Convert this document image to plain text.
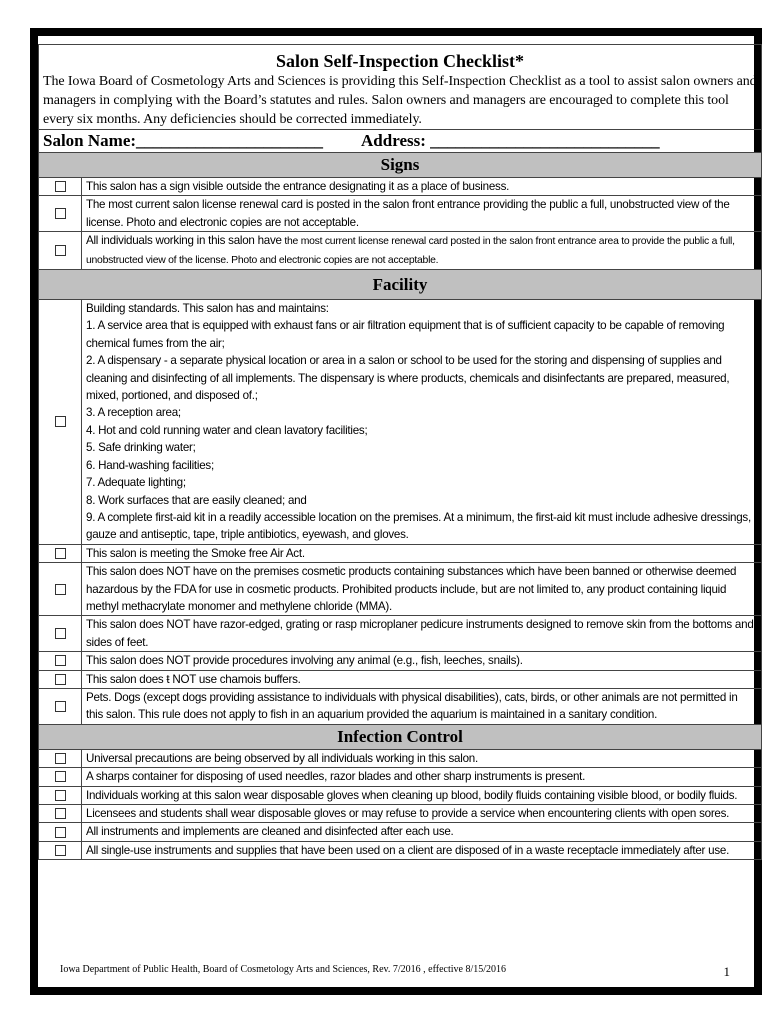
Salon Self-Inspection Checklist*
The Iowa Board of Cosmetology Arts and Sciences is providing this Self-Inspection Checklist as a tool to assist salon owners and managers in complying with the Board’s statutes and rules. Salon owners and managers are encouraged to complete this tool every six months. Any deficiencies should be corrected immediately.
Salon Name:______________________ Address: ___________________________
Signs
This salon has a sign visible outside the entrance designating it as a place of business.
The most current salon license renewal card is posted in the salon front entrance providing the public a full, unobstructed view of the license. Photo and electronic copies are not acceptable.
All individuals working in this salon have the most current license renewal card posted in the salon front entrance area to provide the public a full, unobstructed view of the license. Photo and electronic copies are not acceptable.
Facility
Building standards. This salon has and maintains:
1. A service area that is equipped with exhaust fans or air filtration equipment that is of sufficient capacity to be capable of removing chemical fumes from the air;
2. A dispensary - a separate physical location or area in a salon or school to be used for the storing and dispensing of supplies and cleaning and disinfecting of all implements. The dispensary is where products, chemicals and disinfectants are prepared, measured, mixed, portioned, and disposed of.;
3. A reception area;
4. Hot and cold running water and clean lavatory facilities;
5. Safe drinking water;
6. Hand-washing facilities;
7. Adequate lighting;
8. Work surfaces that are easily cleaned; and
9. A complete first-aid kit in a readily accessible location on the premises. At a minimum, the first-aid kit must include adhesive dressings, gauze and antiseptic, tape, triple antibiotics, eyewash, and gloves.
This salon is meeting the Smoke free Air Act.
This salon does NOT have on the premises cosmetic products containing substances which have been banned or otherwise deemed hazardous by the FDA for use in cosmetic products. Prohibited products include, but are not limited to, any product containing liquid methyl methacrylate monomer and methylene chloride (MMA).
This salon does NOT have razor-edged, grating or rasp microplaner pedicure instruments designed to remove skin from the bottoms and sides of feet.
This salon does NOT provide procedures involving any animal (e.g., fish, leeches, snails).
This salon does ŧ NOT use chamois buffers.
Pets. Dogs (except dogs providing assistance to individuals with physical disabilities), cats, birds, or other animals are not permitted in this salon. This rule does not apply to fish in an aquarium provided the aquarium is maintained in a sanitary condition.
Infection Control
Universal precautions are being observed by all individuals working in this salon.
A sharps container for disposing of used needles, razor blades and other sharp instruments is present.
Individuals working at this salon wear disposable gloves when cleaning up blood, bodily fluids containing visible blood, or bodily fluids.
Licensees and students shall wear disposable gloves or may refuse to provide a service when encountering clients with open sores.
All instruments and implements are cleaned and disinfected after each use.
All single-use instruments and supplies that have been used on a client are disposed of in a waste receptacle immediately after use.
Iowa Department of Public Health, Board of Cosmetology Arts and Sciences, Rev. 7/2016 , effective 8/15/2016	1
